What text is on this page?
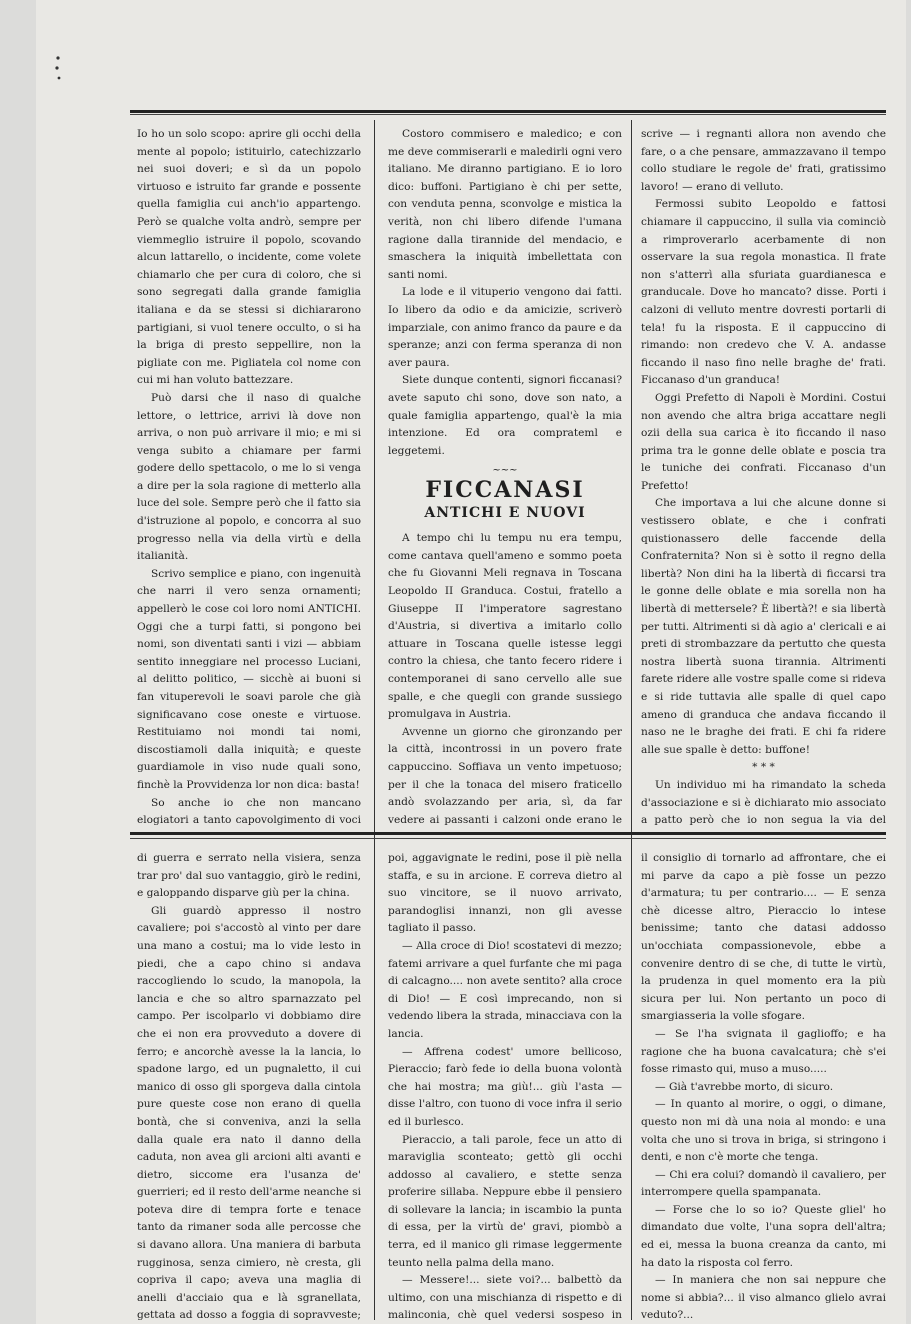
Io ho un solo scopo: aprire gli occhi della mente al popolo; istituirlo, catechizzarlo nei suoi doveri; e sì da un popolo virtuoso e istruito far grande e possente quella famiglia cui anch'io appartengo. Però se qualche volta andrò, sempre per viemmeglio istruire il popolo, scovando alcun lattarello, o incidente, come volete chiamarlo che per cura di coloro, che si sono segregati dalla grande famiglia italiana e da se stessi si dichiararono partigiani, si vuol tenere occulto, o si ha la briga di presto seppellire, non la pigliate con me. Pigliatela col nome con cui mi han voluto battezzare.

Può darsi che il naso di qualche lettore, o lettrice, arrivi là dove non arriva, o non può arrivare il mio; e mi si venga subito a chiamare per farmi godere dello spettacolo, o me lo si venga a dire per la sola ragione di metterlo alla luce del sole. Sempre però che il fatto sia d'istruzione al popolo, e concorra al suo progresso nella via della virtù e della italianità.

Scrivo semplice e piano, con ingenuità che narri il vero senza ornamenti; appellerò le cose coi loro nomi ANTICHI. Oggi che a turpi fatti, si pongono bei nomi, son diventati santi i vizi — abbiam sentito inneggiare nel processo Luciani, al delitto politico, — sicchè ai buoni si fan vituperevoli le soavi parole che già significavano cose oneste e virtuose. Restituiamo noi mondi tai nomi, discostiamoli dalla iniquità; e queste guardiamole in viso nude quali sono, finchè la Provvidenza lor non dica: basta!

So anche io che non mancano elogiatori a tanto capovolgimento di voci

Costoro commisero e maledico; e con me deve commiserarli e maledirli ogni vero italiano. Me diranno partigiano. E io loro dico: buffoni. Partigiano è chi per sette, con venduta penna, sconvolge e mistica la verità, non chi libero difende l'umana ragione dalla tirannide del mendacio, e smaschera la iniquità imbellettata con santi nomi.

La lode e il vituperio vengono dai fatti. Io libero da odio e da amicizie, scriverò imparziale, con animo franco da paure e da speranze; anzi con ferma speranza di non aver paura.

Siete dunque contenti, signori ficcanasi? avete saputo chi sono, dove son nato, a quale famiglia appartengo, qual'è la mia intenzione. Ed ora comprateml e leggetemi.

~~~
FICCANASI
ANTICHI E NUOVI

A tempo chi lu tempu nu era tempu, come cantava quell'ameno e sommo poeta che fu Giovanni Meli regnava in Toscana Leopoldo II Granduca. Costui, fratello a Giuseppe II l'imperatore sagrestano d'Austria, si divertiva a imitarlo collo attuare in Toscana quelle istesse leggi contro la chiesa, che tanto fecero ridere i contemporanei di sano cervello alle sue spalle, e che quegli con grande sussiego promulgava in Austria.

Avvenne un giorno che gironzando per la città, incontrossi in un povero frate cappuccino. Soffiava un vento impetuoso; per il che la tonaca del misero fraticello andò svolazzando per aria, sì, da far vedere ai passanti i calzoni onde erano le

scrive — i regnanti allora non avendo che fare, o a che pensare, ammazzavano il tempo collo studiare le regole de' frati, gratissimo lavoro! — erano di velluto.

Fermossi subito Leopoldo e fattosi chiamare il cappuccino, il sulla via cominciò a rimproverarlo acerbamente di non osservare la sua regola monastica. Il frate non s'atterrì alla sfuriata guardianesca e granducale. Dove ho mancato? disse. Porti i calzoni di velluto mentre dovresti portarli di tela! fu la risposta. E il cappuccino di rimando: non credevo che V. A. andasse ficcando il naso fino nelle braghe de' frati. Ficcanaso d'un granduca!

Oggi Prefetto di Napoli è Mordini. Costui non avendo che altra briga accattare negli ozii della sua carica è ito ficcando il naso prima tra le gonne delle oblate e poscia tra le tuniche dei confrati. Ficcanaso d'un Prefetto!

Che importava a lui che alcune donne si vestissero oblate, e che i confrati quistionassero delle faccende della Confraternita? Non si è sotto il regno della libertà? Non dini ha la libertà di ficcarsi tra le gonne delle oblate e mia sorella non ha libertà di mettersele? È libertà?! e sia libertà per tutti. Altrimenti si dà agio a' clericali e ai preti di strombazzare da pertutto che questa nostra libertà suona tirannia. Altrimenti farete ridere alle vostre spalle come si rideva e si ride tuttavia alle spalle di quel capo ameno di granduca che andava ficcando il naso ne le braghe dei frati. E chi fa ridere alle sue spalle è detto: buffone!

* * *

Un individuo mi ha rimandato la scheda d'associazione e si è dichiarato mio associato a patto però che io non segua la via del

di guerra e serrato nella visiera, senza trar pro' dal suo vantaggio, girò le redini, e galoppando disparve giù per la china.

Gli guardò appresso il nostro cavaliere; poi s'accostò al vinto per dare una mano a costui; ma lo vide lesto in piedi, che a capo chino si andava raccogliendo lo scudo, la manopola, la lancia e che so altro sparnazzato pel campo. Per iscolparlo vi dobbiamo dire che ei non era provveduto a dovere di ferro; e ancorchè avesse la la lancia, lo spadone largo, ed un pugnaletto, il cui manico di osso gli sporgeva dalla cintola pure queste cose non erano di quella bontà, che si conveniva, anzi la sella dalla quale era nato il danno della caduta, non avea gli arcioni alti avanti e dietro, siccome era l'usanza de' guerrieri; ed il resto dell'arme neanche si poteva dire di tempra forte e tenace tanto da rimaner soda alle percosse che si davano allora. Una maniera di barbuta rugginosa, senza cimiero, nè cresta, gli copriva il capo; aveva una maglia di anelli d'acciaio qua e là sgranellata, gettata ad dosso a foggia di sopravveste;

poi, aggavignate le redini, pose il piè nella staffa, e su in arcione. E correva dietro al suo vincitore, se il nuovo arrivato, parandoglisi innanzi, non gli avesse tagliato il passo.

— Alla croce di Dio! scostatevi di mezzo; fatemi arrivare a quel furfante che mi paga di calcagno.... non avete sentito? alla croce di Dio! — E così imprecando, non si vedendo libera la strada, minacciava con la lancia.

— Affrena codest' umore bellicoso, Pieraccio; farò fede io della buona volontà che hai mostra; ma giù!... giù l'asta — disse l'altro, con tuono di voce infra il serio ed il burlesco.

Pieraccio, a tali parole, fece un atto di maraviglia sconteato; gettò gli occhi addosso al cavaliero, e stette senza proferire sillaba. Neppure ebbe il pensiero di sollevare la lancia; in iscambio la punta di essa, per la virtù de' gravi, piombò a terra, ed il manico gli rimase leggermente teunto nella palma della mano.

— Messere!... siete voi?... balbettò da ultimo, con una mischianza di rispetto e di malinconia, chè quel vedersi sospeso in

il consiglio di tornarlo ad affrontare, che ei mi parve da capo a piè fosse un pezzo d'armatura; tu per contrario.... — E senza chè dicesse altro, Pieraccio lo intese benissime; tanto che datasi addosso un'occhiata compassionevole, ebbe a convenire dentro di se che, di tutte le virtù, la prudenza in quel momento era la più sicura per lui. Non pertanto un poco di smargiasseria la volle sfogare.

— Se l'ha svignata il gaglioffo; e ha ragione che ha buona cavalcatura; chè s'ei fosse rimasto qui, muso a muso.....

— Già t'avrebbe morto, di sicuro.

— In quanto al morire, o oggi, o dimane, questo non mi dà una noia al mondo: e una volta che uno si trova in briga, si stringono i denti, e non c'è morte che tenga.

— Chi era colui? domandò il cavaliero, per interrompere quella spampanata.

— Forse che lo so io? Queste gliel' ho dimandato due volte, l'una sopra dell'altra; ed ei, messa la buona creanza da canto, mi ha dato la risposta col ferro.

— In maniera che non sai neppure che nome si abbia?... il viso almanco glielo avrai veduto?...
